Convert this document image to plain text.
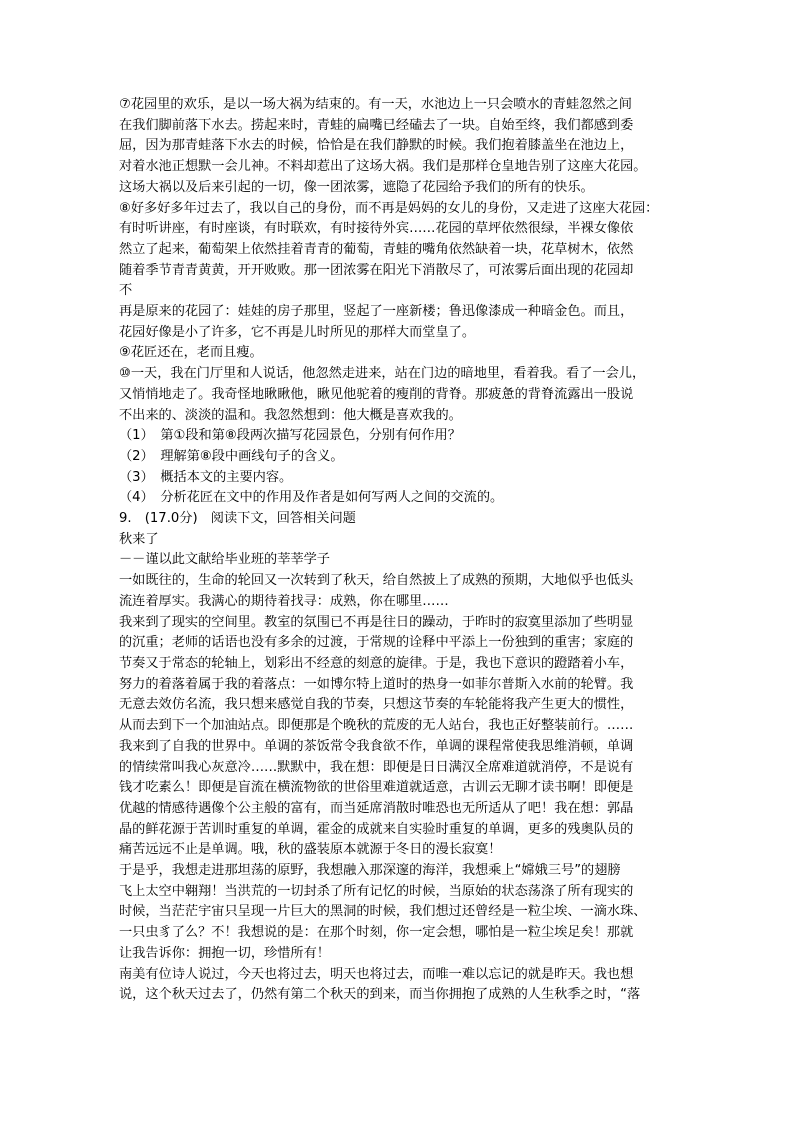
⑦花园里的欢乐，是以一场大祸为结束的。有一天，水池边上一只会喷水的青蛙忽然之间
在我们脚前落下水去。捞起来时，青蛙的扁嘴已经磕去了一块。自始至终，我们都感到委
屈，因为那青蛙落下水去的时候，恰恰是在我们静默的时候。我们抱着膝盖坐在池边上，
对着水池正想默一会儿神。不料却惹出了这场大祸。我们是那样仓皇地告别了这座大花园。
这场大祸以及后来引起的一切，像一团浓雾，遮隐了花园给予我们的所有的快乐。
⑧好多好多年过去了，我以自己的身份，而不再是妈妈的女儿的身份，又走进了这座大花园：
有时听讲座，有时座谈，有时联欢，有时接待外宾……花园的草坪依然很绿，半裸女像依
然立了起来，葡萄架上依然挂着青青的葡萄，青蛙的嘴角依然缺着一块，花草树木，依然
随着季节青青黄黄，开开败败。那一团浓雾在阳光下消散尽了，可浓雾后面出现的花园却
不
再是原来的花园了：娃娃的房子那里，竖起了一座新楼；鲁迅像漆成一种暗金色。而且，
花园好像是小了许多，它不再是儿时所见的那样大而堂皇了。
⑨花匠还在，老而且瘦。
⑩一天，我在门厅里和人说话，他忽然走进来，站在门边的暗地里，看着我。看了一会儿，
又悄悄地走了。我奇怪地瞅瞅他，瞅见他驼着的瘦削的背脊。那疲惫的背脊流露出一股说
不出来的、淡淡的温和。我忽然想到：他大概是喜欢我的。
（1）　第①段和第⑧段两次描写花园景色，分别有何作用？
（2）　理解第⑧段中画线句子的含义。
（3）　概括本文的主要内容。
（4）　分析花匠在文中的作用及作者是如何写两人之间的交流的。
9.　(17.0分)　阅读下文，回答相关问题
秋来了
－－谨以此文献给毕业班的莘莘学子
一如既往的，生命的轮回又一次转到了秋天，给自然披上了成熟的预期，大地似乎也低头
流连着厚实。我满心的期待着找寻：成熟，你在哪里……
我来到了现实的空间里。教室的氛围已不再是往日的躁动，于昨时的寂寞里添加了些明显
的沉重；老师的话语也没有多余的过渡，于常规的诠释中平添上一份独到的重害；家庭的
节奏又于常态的轮轴上，划彩出不经意的刻意的旋律。于是，我也下意识的蹬踏着小车，
努力的着落着属于我的着落点：一如博尔特上道时的热身一如菲尔普斯入水前的轮臂。我
无意去效仿名流，我只想来感觉自我的节奏，只想这节奏的车轮能将我产生更大的惯性，
从而去到下一个加油站点。即便那是个晚秋的荒废的无人站台，我也正好整装前行。……
我来到了自我的世界中。单调的茶饭常令我食欲不作，单调的课程常使我思维消顿，单调
的情续常叫我心灰意冷……默默中，我在想：即便是日日满汉全席难道就消停，不是说有
钱才吃素么！即便是盲流在横流物欲的世俗里难道就适意，古训云无聊才读书啊！即便是
优越的情感待遇像个公主般的富有，而当延席消散时唯恐也无所适从了吧！我在想：郭晶
晶的鲜花源于苦训时重复的单调，霍金的成就来自实验时重复的单调，更多的残奥队员的
痛苦远远不止是单调。哦，秋的盛装原本就源于冬日的漫长寂寞！
于是乎，我想走进那坦荡的原野，我想融入那深邃的海洋，我想乘上“嫦娥三号”的翅膀
飞上太空中翱翔！当洪荒的一切封杀了所有记忆的时候，当原始的状态荡涤了所有现实的
时候，当茫茫宇宙只呈现一片巨大的黑洞的时候，我们想过还曾经是一粒尘埃、一滴水珠、
一只虫豸了么？不！我想说的是：在那个时刻，你一定会想，哪怕是一粒尘埃足矣！那就
让我告诉你：拥抱一切，珍惜所有！
南美有位诗人说过，今天也将过去，明天也将过去，而唯一难以忘记的就是昨天。我也想
说，这个秋天过去了，仍然有第二个秋天的到来，而当你拥抱了成熟的人生秋季之时，“落
